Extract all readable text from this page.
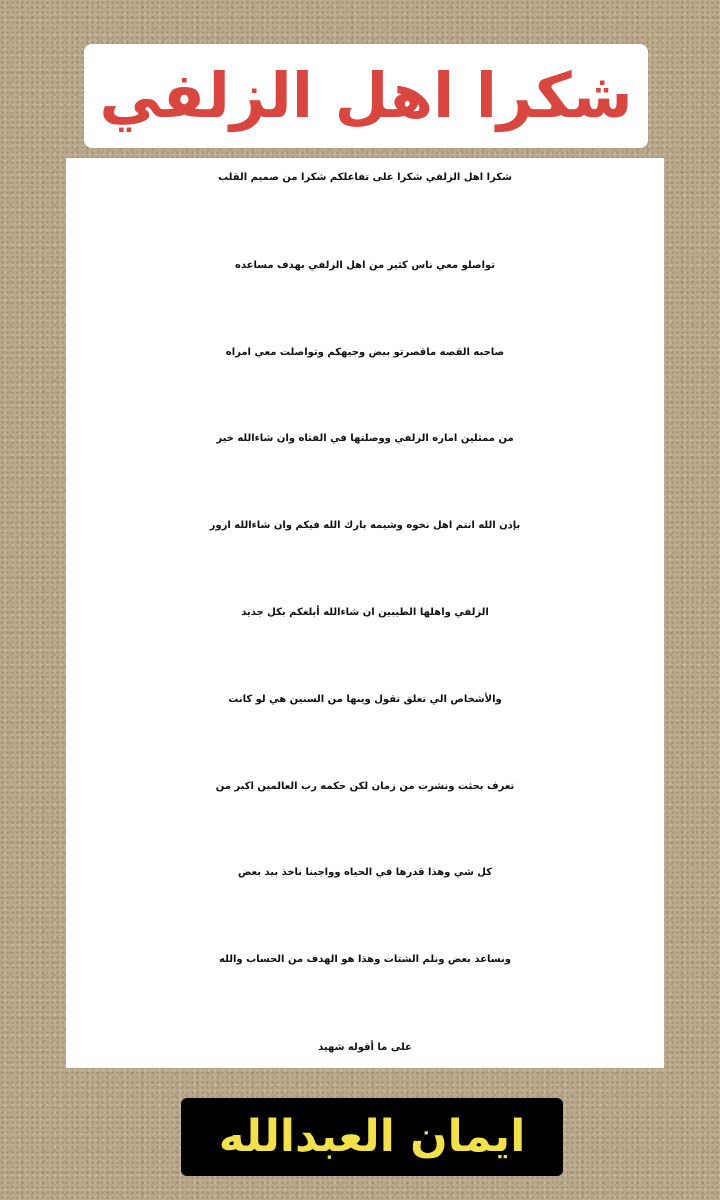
شكرا اهل الزلفي
شكرا اهل الزلفي شكرا على تفاعلكم شكرا من صميم القلب
تواصلو معي ناس كثير من اهل الزلفي بهدف مساعده
صاحبه القصه ماقصرتو بيض وجيهكم وتواصلت معي امراه
من ممثلين اماره الزلفي ووصلتها في الفتاه وان شاءالله خير
بإذن الله انتم اهل نخوه وشيمه بارك الله فيكم وان شاءالله ازور
الزلفي واهلها الطيبين ان شاءالله أبلغكم بكل جديد
والأشخاص الي تعلق تقول وينها من السنين هي لو كانت
تعرف بحثت ونشرت من زمان لكن حكمه رب العالمين اكبر من
كل شي وهذا قدرها في الحياه وواجبنا ناخذ بيد بعض
ونساعد بعض ونلم الشتات وهذا هو الهدف من الحساب والله
على ما أقوله شهيد
ايمان العبدالله
